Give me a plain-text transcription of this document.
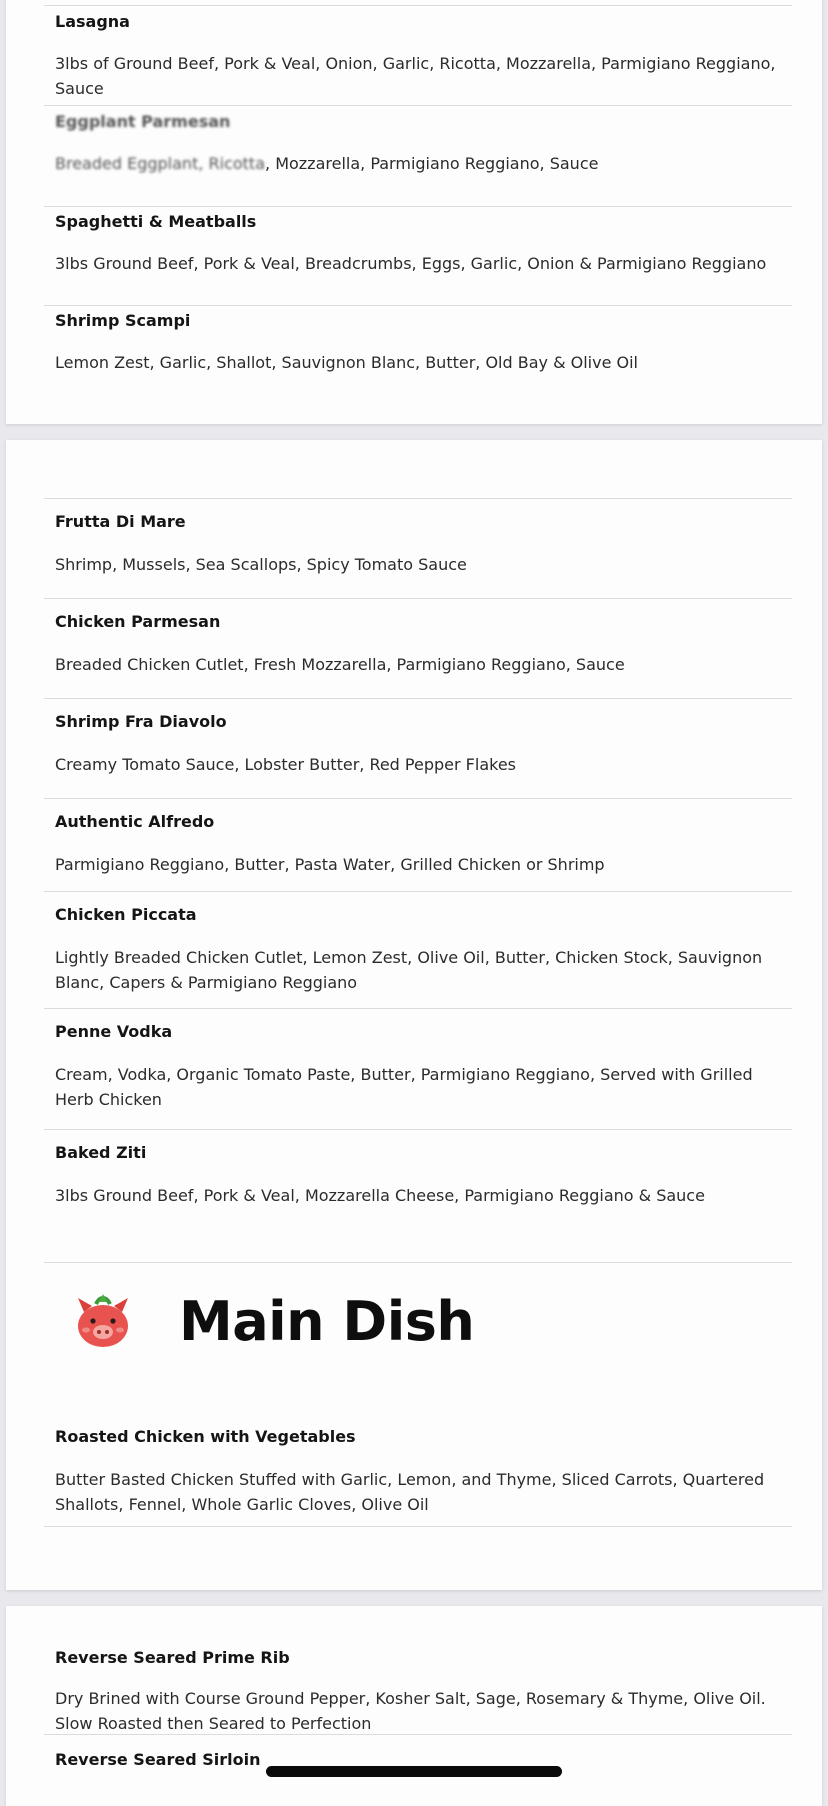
Lasagna
3lbs of Ground Beef, Pork & Veal, Onion, Garlic, Ricotta, Mozzarella, Parmigiano Reggiano, Sauce
Eggplant Parmesan
Breaded Eggplant, Ricotta, Mozzarella, Parmigiano Reggiano, Sauce
Spaghetti & Meatballs
3lbs Ground Beef, Pork & Veal, Breadcrumbs, Eggs, Garlic, Onion & Parmigiano Reggiano
Shrimp Scampi
Lemon Zest, Garlic, Shallot, Sauvignon Blanc, Butter, Old Bay & Olive Oil
Frutta Di Mare
Shrimp, Mussels, Sea Scallops, Spicy Tomato Sauce
Chicken Parmesan
Breaded Chicken Cutlet, Fresh Mozzarella, Parmigiano Reggiano, Sauce
Shrimp Fra Diavolo
Creamy Tomato Sauce, Lobster Butter, Red Pepper Flakes
Authentic Alfredo
Parmigiano Reggiano, Butter, Pasta Water, Grilled Chicken or Shrimp
Chicken Piccata
Lightly Breaded Chicken Cutlet, Lemon Zest, Olive Oil, Butter, Chicken Stock, Sauvignon Blanc, Capers & Parmigiano Reggiano
Penne Vodka
Cream, Vodka, Organic Tomato Paste, Butter, Parmigiano Reggiano, Served with Grilled Herb Chicken
Baked Ziti
3lbs Ground Beef, Pork & Veal, Mozzarella Cheese, Parmigiano Reggiano & Sauce
Roasted Chicken with Vegetables
Butter Basted Chicken Stuffed with Garlic, Lemon, and Thyme, Sliced Carrots, Quartered Shallots, Fennel, Whole Garlic Cloves, Olive Oil
Main Dish
Reverse Seared Prime Rib
Dry Brined with Course Ground Pepper, Kosher Salt, Sage, Rosemary & Thyme, Olive Oil. Slow Roasted then Seared to Perfection
Reverse Seared Sirloin
